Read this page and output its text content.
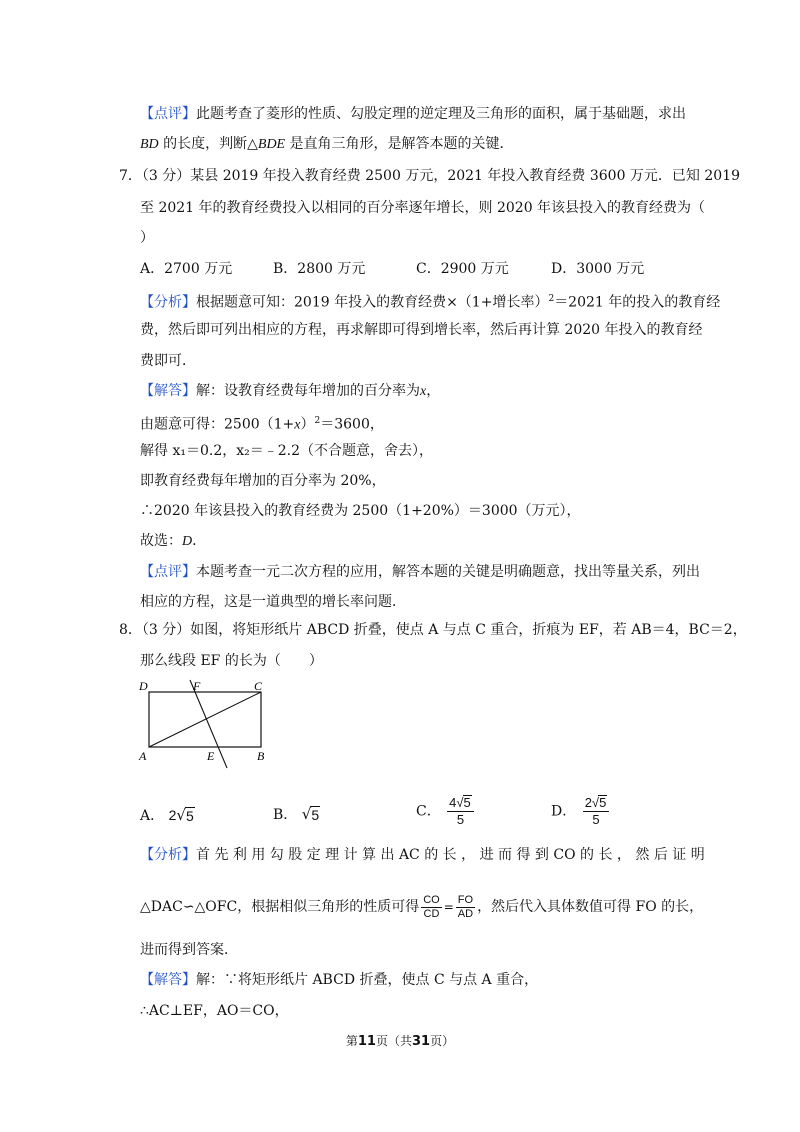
【点评】此题考查了菱形的性质、勾股定理的逆定理及三角形的面积，属于基础题，求出
BD 的长度，判断△BDE 是直角三角形，是解答本题的关键．
7．（3 分）某县 2019 年投入教育经费 2500 万元，2021 年投入教育经费 3600 万元．已知 2019
至 2021 年的教育经费投入以相同的百分率逐年增长，则 2020 年该县投入的教育经费为（
）
A．2700 万元	B．2800 万元	C．2900 万元	D．3000 万元
【分析】根据题意可知：2019 年投入的教育经费×（1+增长率）$^2$＝2021 年的投入的教育经
费，然后即可列出相应的方程，再求解即可得到增长率，然后再计算 2020 年投入的教育经
费即可．
【解答】解：设教育经费每年增加的百分率为x，
由题意可得：$2500(1+x)^2=3600$，
解得 x₁＝0.2，x₂＝﹣2.2（不合题意，舍去），
即教育经费每年增加的百分率为 20%，
∴2020 年该县投入的教育经费为 2500（1+20%）＝3000（万元），
故选：D．
【点评】本题考查一元二次方程的应用，解答本题的关键是明确题意，找出等量关系，列出
相应的方程，这是一道典型的增长率问题．
8．（3 分）如图，将矩形纸片 ABCD 折叠，使点 A 与点 C 重合，折痕为 EF，若 AB＝4，BC＝2，
那么线段 EF 的长为（　　）
D	F	C
A	E	B
A． 2 √ 5	B． √ 5	C． $\frac{4 √ 5}{5}$	D． $\frac{2 √ 5}{5}$
【分析】首 先 利 用 勾 股 定 理 计 算 出 AC 的 长 ， 进 而 得 到 CO 的 长 ， 然 后 证 明
△DAC∽△OFC，根据相似三角形的性质可得 $\frac{CO}{CD} = \frac{FO}{AD}$ ，然后代入具体数值可得 FO 的长，
进而得到答案．
【解答】解：∵将矩形纸片 ABCD 折叠，使点 C 与点 A 重合，
∴AC⊥EF，AO＝CO，
第11页（共31页）
